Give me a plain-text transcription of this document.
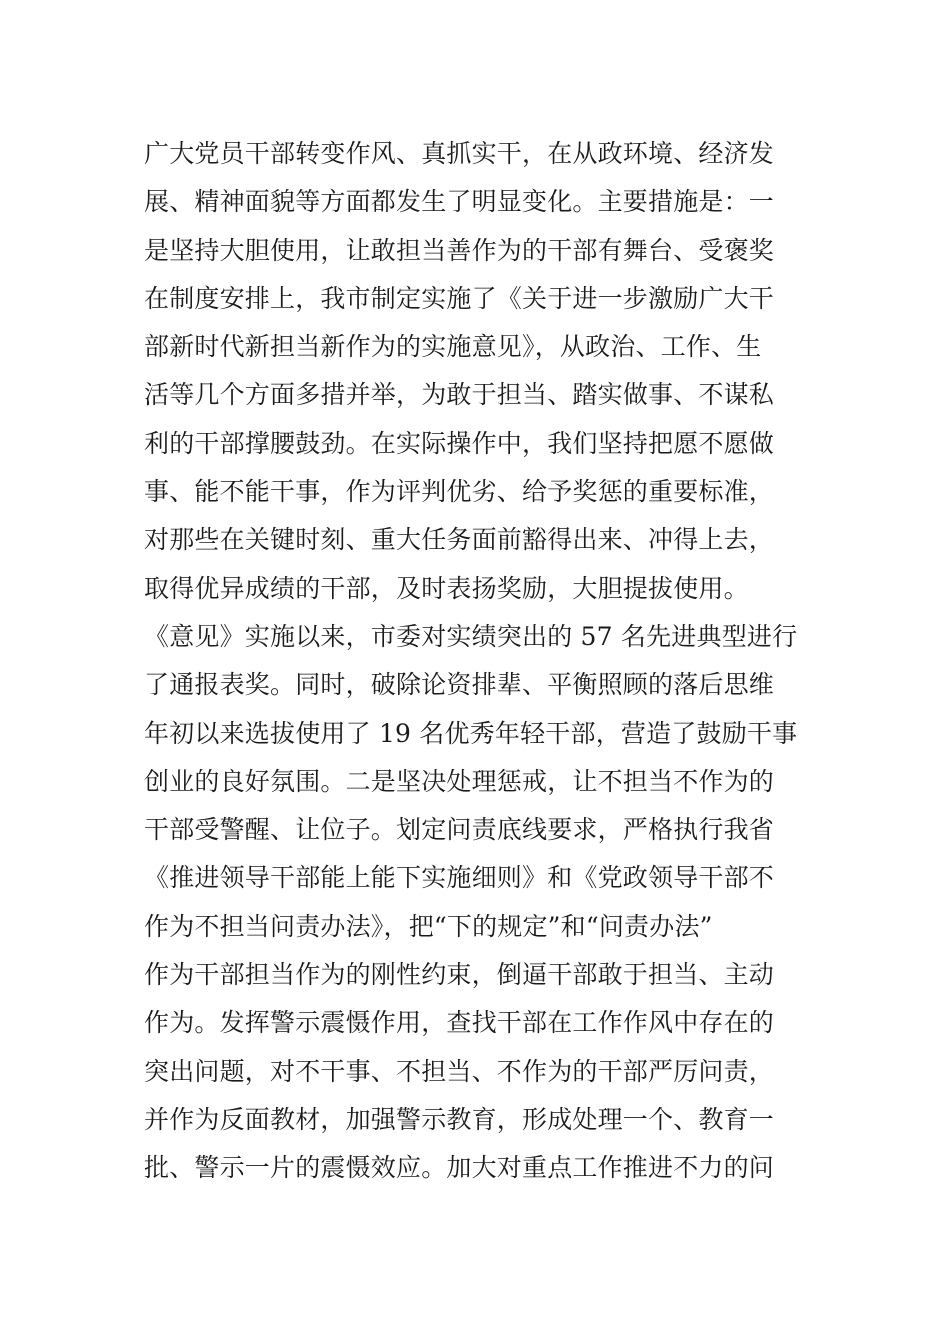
广大党员干部转变作风、真抓实干，在从政环境、经济发
展、精神面貌等方面都发生了明显变化。主要措施是：一
是坚持大胆使用，让敢担当善作为的干部有舞台、受褒奖
在制度安排上，我市制定实施了《关于进一步激励广大干
部新时代新担当新作为的实施意见》，从政治、工作、生
活等几个方面多措并举，为敢于担当、踏实做事、不谋私
利的干部撑腰鼓劲。在实际操作中，我们坚持把愿不愿做
事、能不能干事，作为评判优劣、给予奖惩的重要标准，
对那些在关键时刻、重大任务面前豁得出来、冲得上去，
取得优异成绩的干部，及时表扬奖励，大胆提拔使用。
《意见》实施以来，市委对实绩突出的 57 名先进典型进行
了通报表奖。同时，破除论资排辈、平衡照顾的落后思维
年初以来选拔使用了 19 名优秀年轻干部，营造了鼓励干事
创业的良好氛围。二是坚决处理惩戒，让不担当不作为的
干部受警醒、让位子。划定问责底线要求，严格执行我省
《推进领导干部能上能下实施细则》和《党政领导干部不
作为不担当问责办法》，把“下的规定”和“问责办法”
作为干部担当作为的刚性约束，倒逼干部敢于担当、主动
作为。发挥警示震慑作用，查找干部在工作作风中存在的
突出问题，对不干事、不担当、不作为的干部严厉问责，
并作为反面教材，加强警示教育，形成处理一个、教育一
批、警示一片的震慑效应。加大对重点工作推进不力的问
